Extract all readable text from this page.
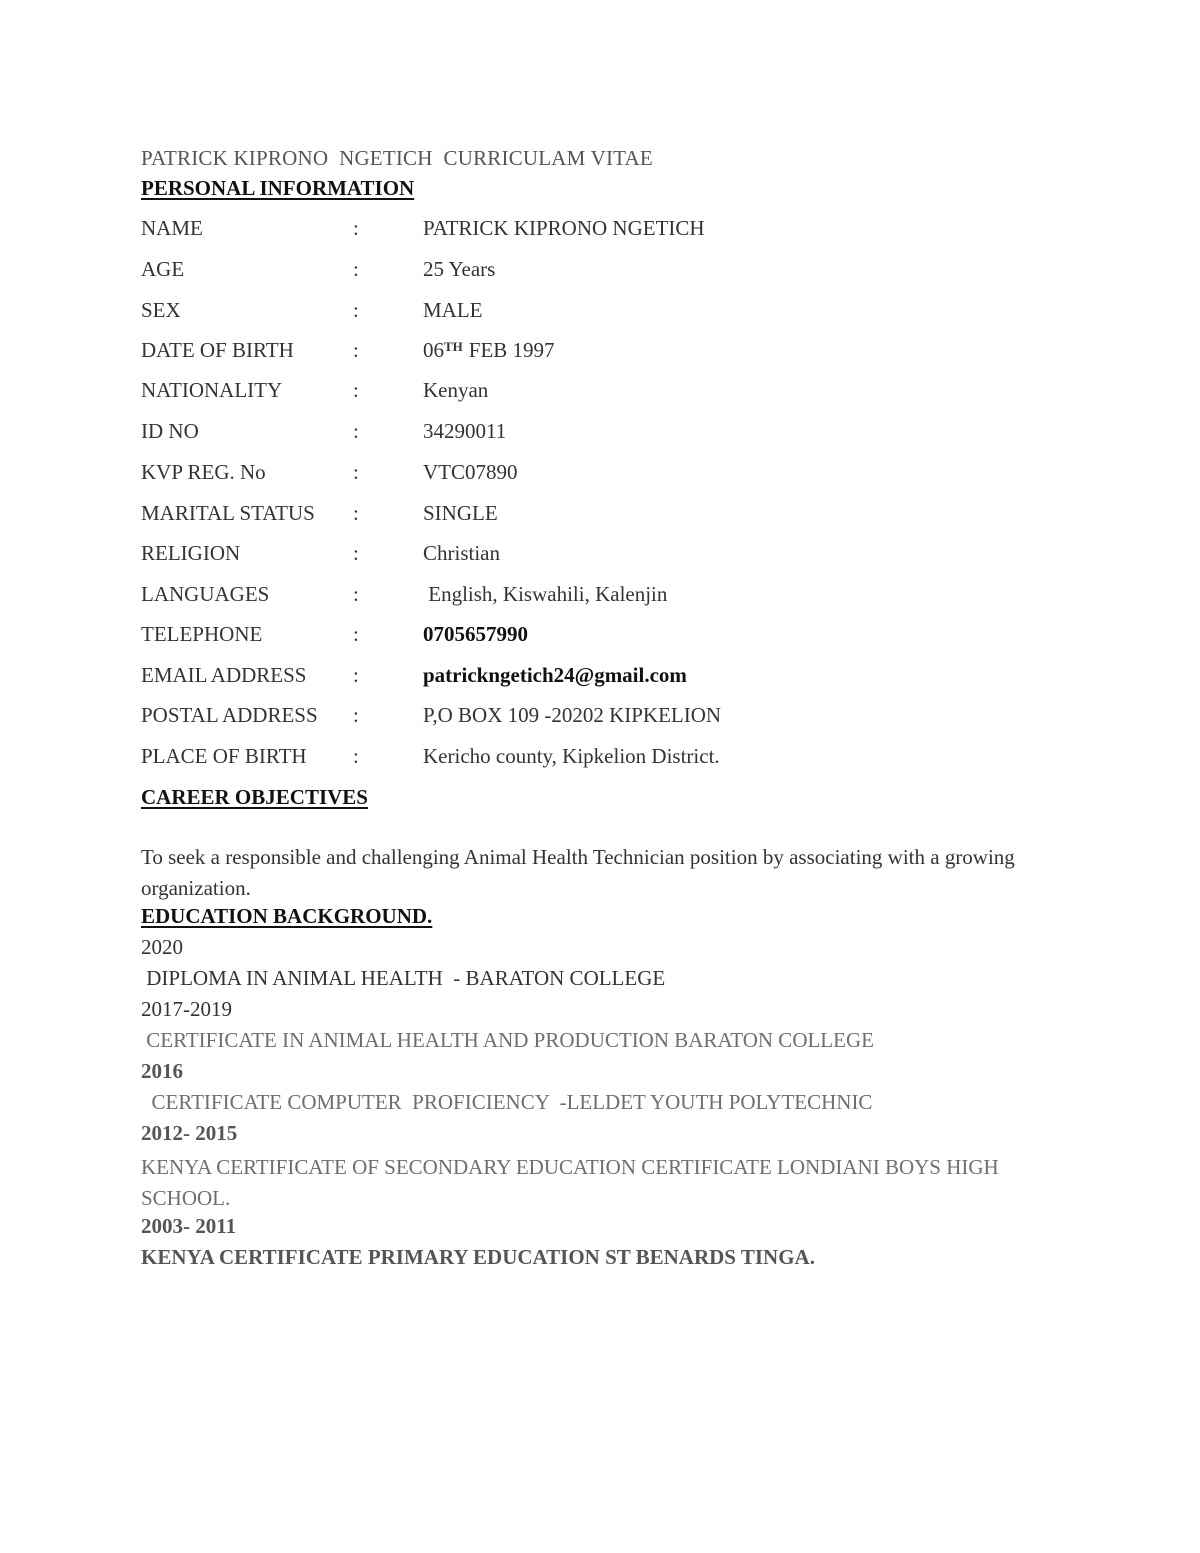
PATRICK KIPRONO  NGETICH  CURRICULAM VITAE
PERSONAL INFORMATION
NAME	:	PATRICK KIPRONO NGETICH
AGE	:	25 Years
SEX	:	MALE
DATE OF BIRTH	:	06TH FEB 1997
NATIONALITY	:	Kenyan
ID NO	:	34290011
KVP REG. No	:	VTC07890
MARITAL STATUS :	SINGLE
RELIGION	:	Christian
LANGUAGES	:	English, Kiswahili, Kalenjin
TELEPHONE	:	0705657990
EMAIL ADDRESS :	patrickngetich24@gmail.com
POSTAL ADDRESS :	P,O BOX 109 -20202 KIPKELION
PLACE OF BIRTH :	Kericho county, Kipkelion District.
CAREER OBJECTIVES
To seek a responsible and challenging Animal Health Technician position by associating with a growing organization.
EDUCATION BACKGROUND.
2020
DIPLOMA IN ANIMAL HEALTH  - BARATON COLLEGE
2017-2019
CERTIFICATE IN ANIMAL HEALTH AND PRODUCTION BARATON COLLEGE
2016
CERTIFICATE COMPUTER  PROFICIENCY  -LELDET YOUTH POLYTECHNIC
2012- 2015
KENYA CERTIFICATE OF SECONDARY EDUCATION CERTIFICATE LONDIANI BOYS HIGH SCHOOL.
2003- 2011
KENYA CERTIFICATE PRIMARY EDUCATION ST BENARDS TINGA.
